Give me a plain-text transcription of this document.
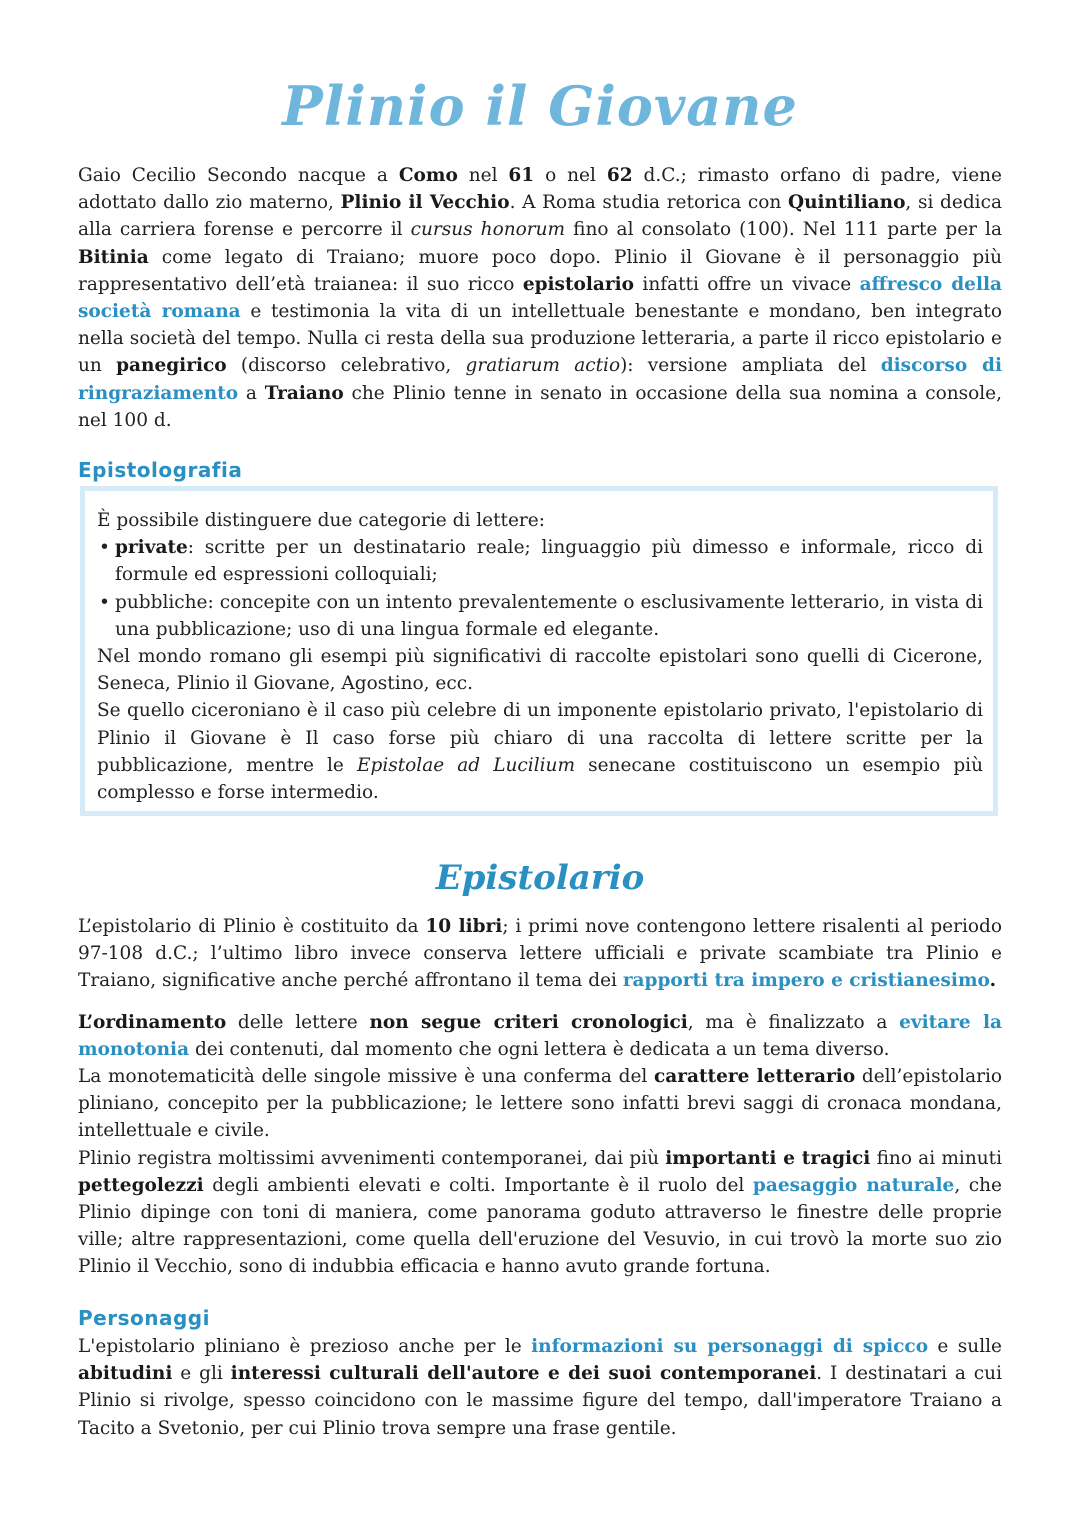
Plinio il Giovane

Gaio Cecilio Secondo nacque a Como nel 61 o nel 62 d.C.; rimasto orfano di padre, viene adottato dallo zio materno, Plinio il Vecchio. A Roma studia retorica con Quintiliano, si dedica alla carriera forense e percorre il cursus honorum fino al consolato (100). Nel 111 parte per la Bitinia come legato di Traiano; muore poco dopo. Plinio il Giovane è il personaggio più rappresentativo dell’età traianea: il suo ricco epistolario infatti offre un vivace affresco della società romana e testimonia la vita di un intellettuale benestante e mondano, ben integrato nella società del tempo. Nulla ci resta della sua produzione letteraria, a parte il ricco epistolario e un panegirico (discorso celebrativo, gratiarum actio): versione ampliata del discorso di ringraziamento a Traiano che Plinio tenne in senato in occasione della sua nomina a console, nel 100 d.

Epistolografia

È possibile distinguere due categorie di lettere:

• private: scritte per un destinatario reale; linguaggio più dimesso e informale, ricco di formule ed espressioni colloquiali;
• pubbliche: concepite con un intento prevalentemente o esclusivamente letterario, in vista di una pubblicazione; uso di una lingua formale ed elegante.

Nel mondo romano gli esempi più significativi di raccolte epistolari sono quelli di Cicerone, Seneca, Plinio il Giovane, Agostino, ecc.

Se quello ciceroniano è il caso più celebre di un imponente epistolario privato, l'epistolario di Plinio il Giovane è Il caso forse più chiaro di una raccolta di lettere scritte per la pubblicazione, mentre le Epistolae ad Lucilium senecane costituiscono un esempio più complesso e forse intermedio.

Epistolario

L’epistolario di Plinio è costituito da 10 libri; i primi nove contengono lettere risalenti al periodo 97-108 d.C.; l’ultimo libro invece conserva lettere ufficiali e private scambiate tra Plinio e Traiano, significative anche perché affrontano il tema dei rapporti tra impero e cristianesimo.

L’ordinamento delle lettere non segue criteri cronologici, ma è finalizzato a evitare la monotonia dei contenuti, dal momento che ogni lettera è dedicata a un tema diverso.

La monotematicità delle singole missive è una conferma del carattere letterario dell’epistolario pliniano, concepito per la pubblicazione; le lettere sono infatti brevi saggi di cronaca mondana, intellettuale e civile.

Plinio registra moltissimi avvenimenti contemporanei, dai più importanti e tragici fino ai minuti pettegolezzi degli ambienti elevati e colti. Importante è il ruolo del paesaggio naturale, che Plinio dipinge con toni di maniera, come panorama goduto attraverso le finestre delle proprie ville; altre rappresentazioni, come quella dell'eruzione del Vesuvio, in cui trovò la morte suo zio Plinio il Vecchio, sono di indubbia efficacia e hanno avuto grande fortuna.

Personaggi

L'epistolario pliniano è prezioso anche per le informazioni su personaggi di spicco e sulle abitudini e gli interessi culturali dell'autore e dei suoi contemporanei. I destinatari a cui Plinio si rivolge, spesso coincidono con le massime figure del tempo, dall'imperatore Traiano a Tacito a Svetonio, per cui Plinio trova sempre una frase gentile.
